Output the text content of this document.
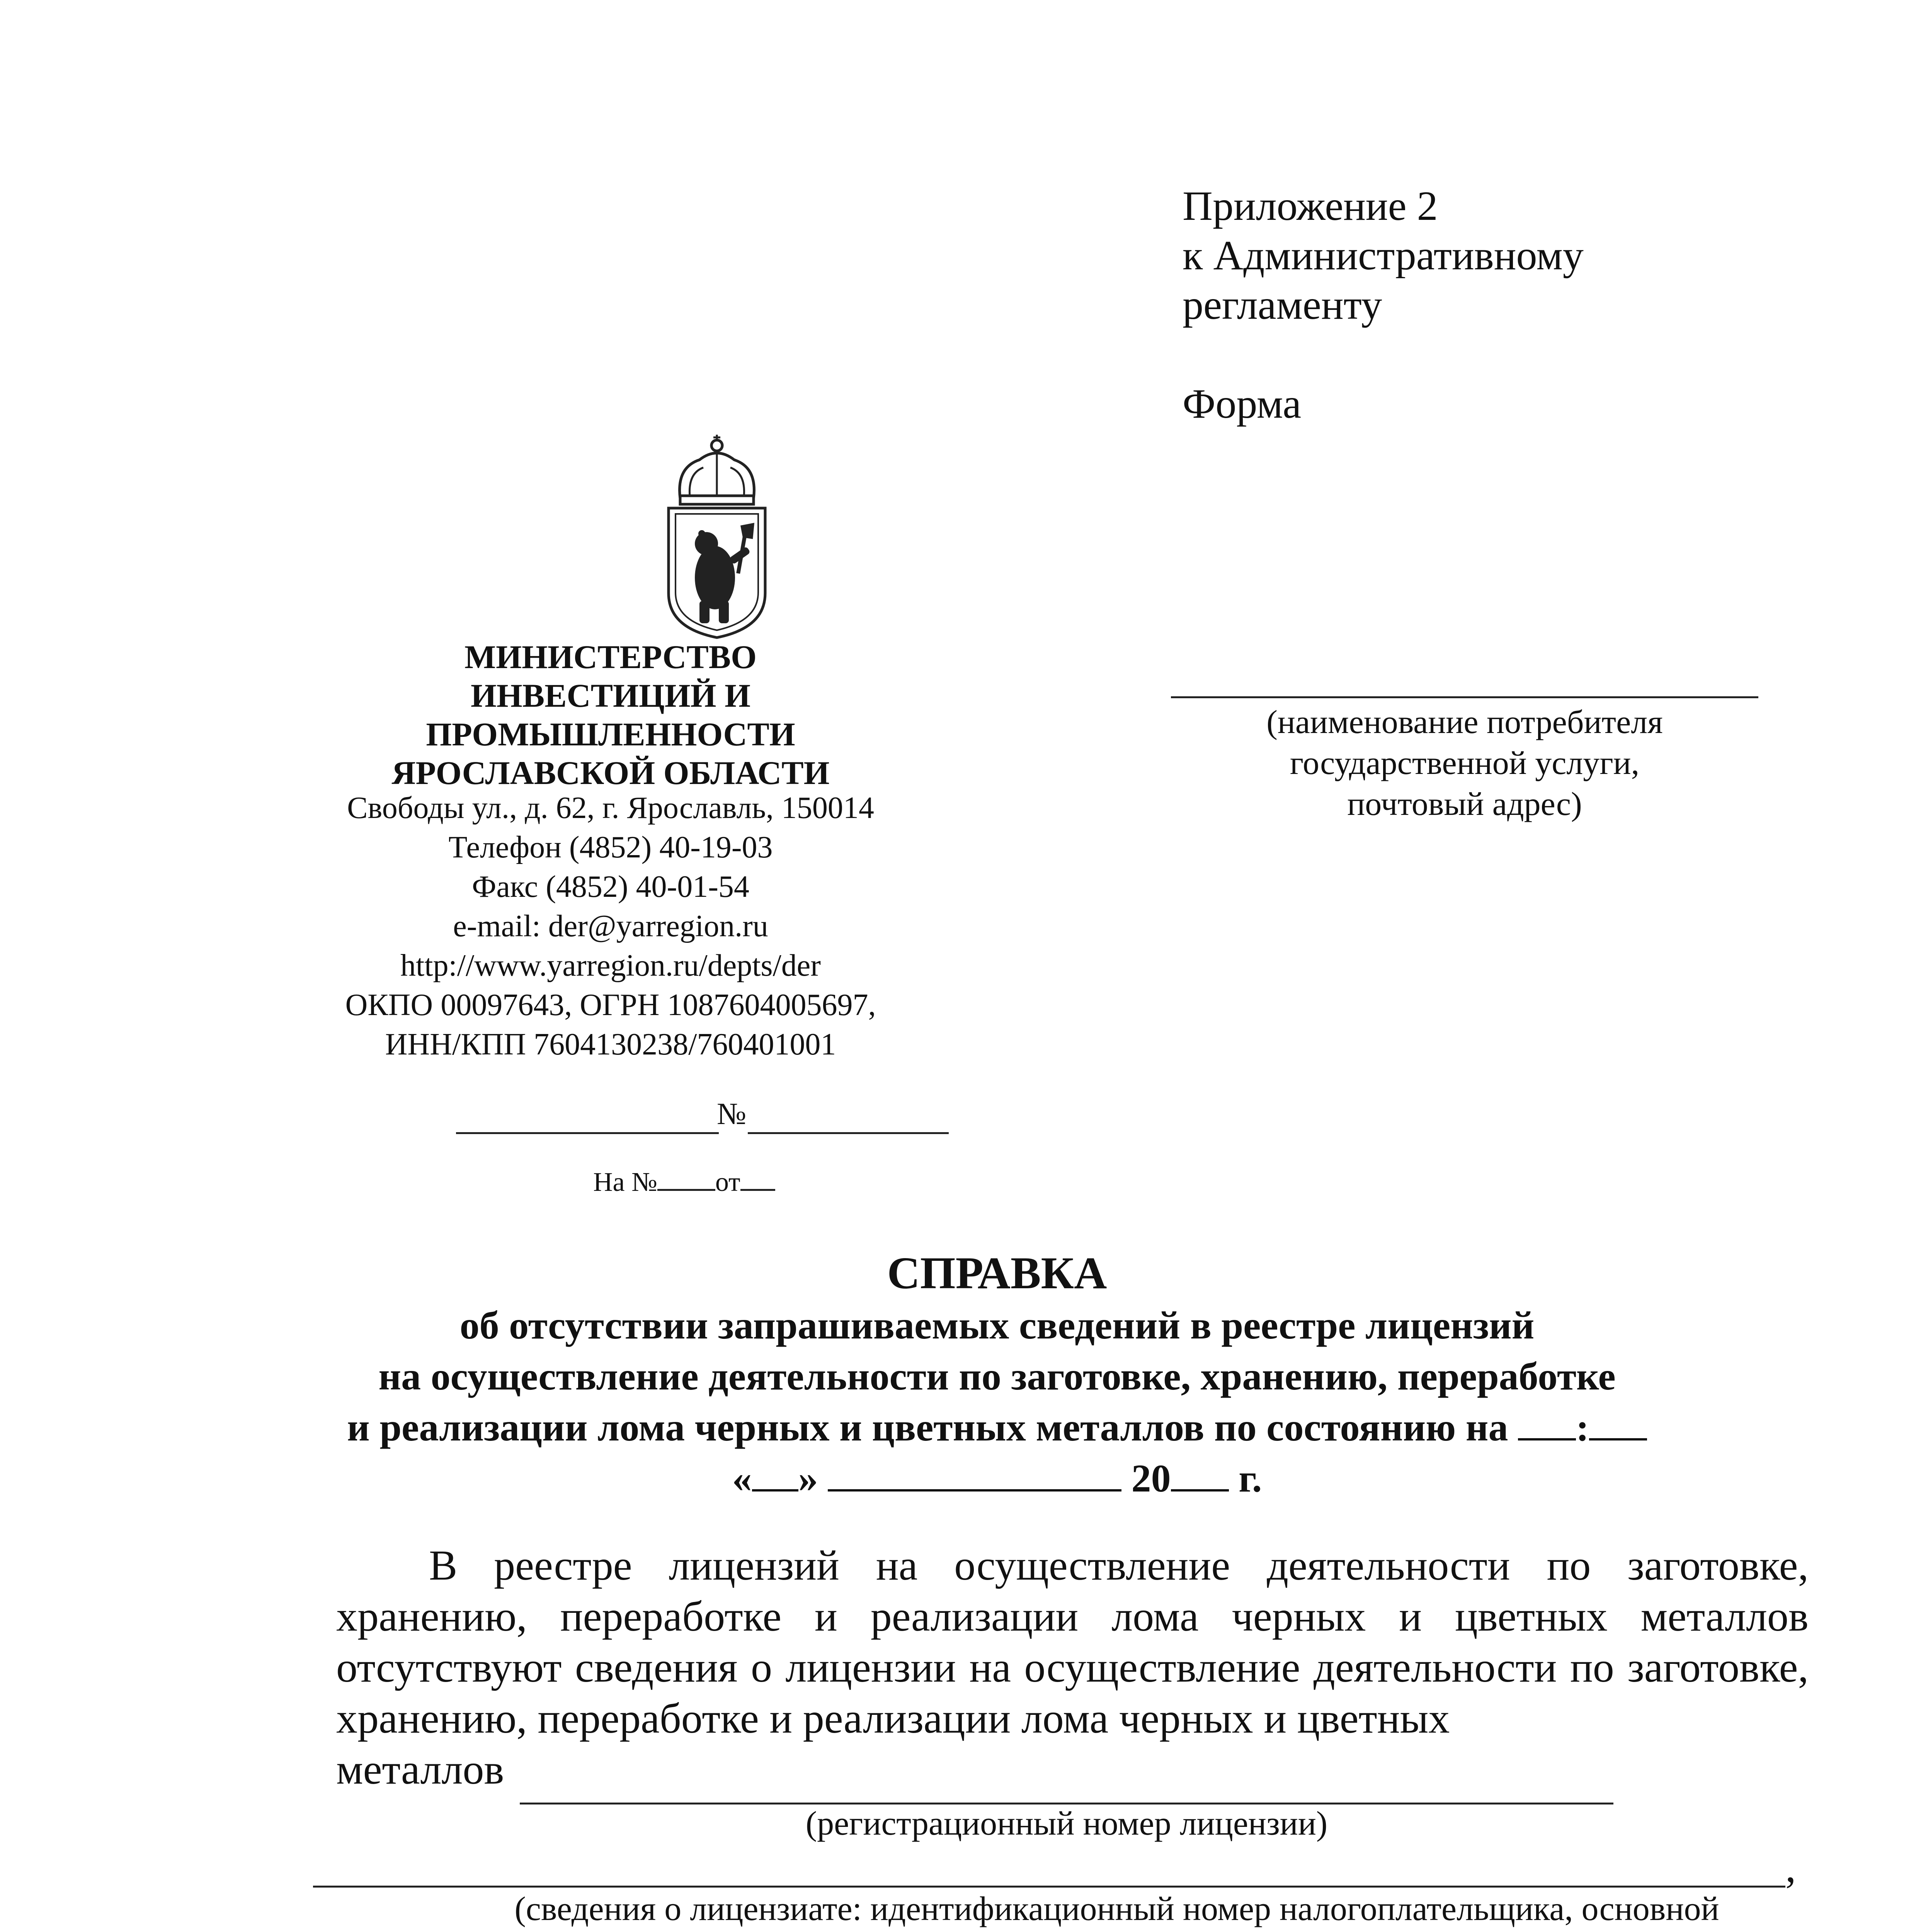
Приложение 2
к Административному
регламенту
Форма
МИНИСТЕРСТВО
ИНВЕСТИЦИЙ И ПРОМЫШЛЕННОСТИ
ЯРОСЛАВСКОЙ ОБЛАСТИ
Свободы ул., д. 62, г. Ярославль, 150014
Телефон (4852) 40-19-03
Факс (4852) 40-01-54
e-mail: der@yarregion.ru
http://www.yarregion.ru/depts/der
ОКПО 00097643, ОГРН 1087604005697,
ИНН/КПП 7604130238/760401001
(наименование потребителя
государственной услуги,
почтовый адрес)
№
На № от
СПРАВКА
об отсутствии запрашиваемых сведений в реестре лицензий
на осуществление деятельности по заготовке, хранению, переработке
и реализации лома черных и цветных металлов по состоянию на :
« »	20 г.
В реестре лицензий на осуществление деятельности по заготовке, хранению, переработке и реализации лома черных и цветных металлов отсутствуют сведения о лицензии на осуществление деятельности по заготовке, хранению, переработке и реализации лома черных и цветных
металлов
(регистрационный номер лицензии)
,
(сведения о лицензиате: идентификационный номер налогоплательщика, основной
